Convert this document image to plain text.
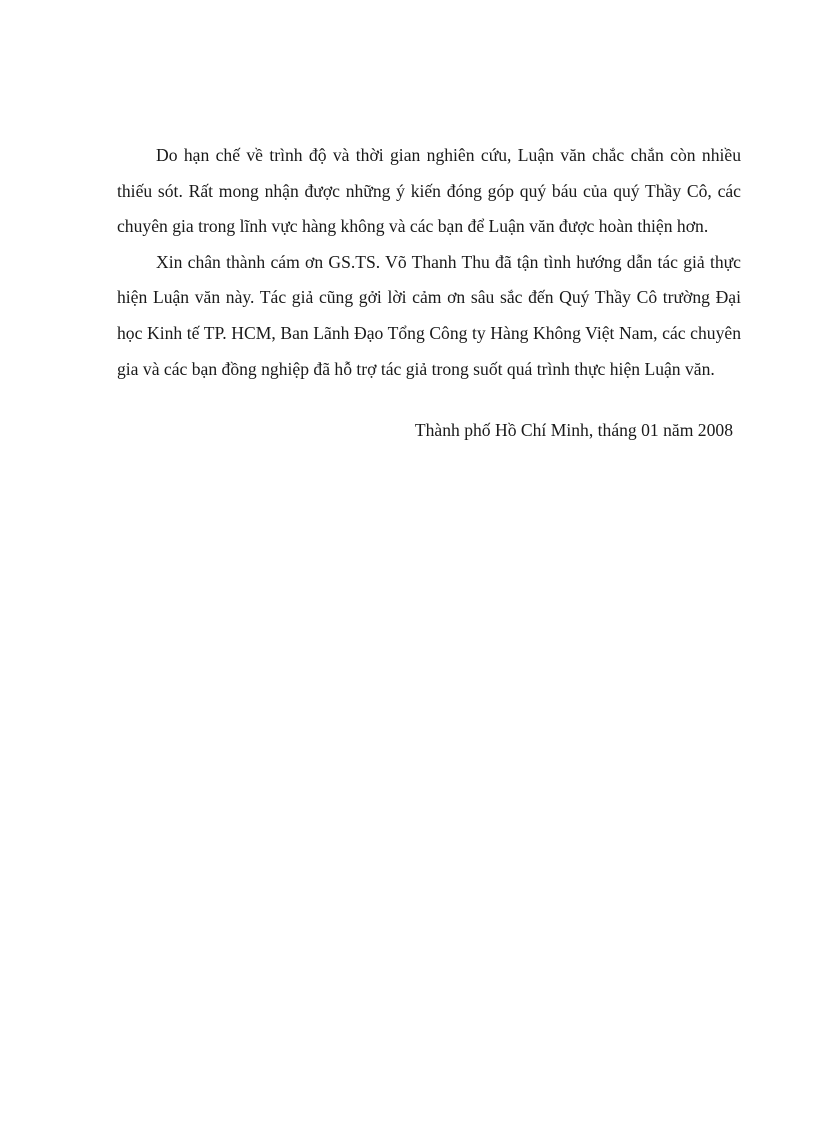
Do hạn chế về trình độ và thời gian nghiên cứu, Luận văn chắc chắn còn nhiều thiếu sót. Rất mong nhận được những ý kiến đóng góp quý báu của quý Thầy Cô, các chuyên gia trong lĩnh vực hàng không và các bạn để Luận văn được hoàn thiện hơn.

Xin chân thành cám ơn GS.TS. Võ Thanh Thu đã tận tình hướng dẫn tác giả thực hiện Luận văn này. Tác giả cũng gởi lời cảm ơn sâu sắc đến Quý Thầy Cô trường Đại học Kinh tế TP. HCM, Ban Lãnh Đạo Tổng Công ty Hàng Không Việt Nam, các chuyên gia và các bạn đồng nghiệp đã hỗ trợ tác giả trong suốt quá trình thực hiện Luận văn.

Thành phố Hồ Chí Minh, tháng 01 năm 2008
